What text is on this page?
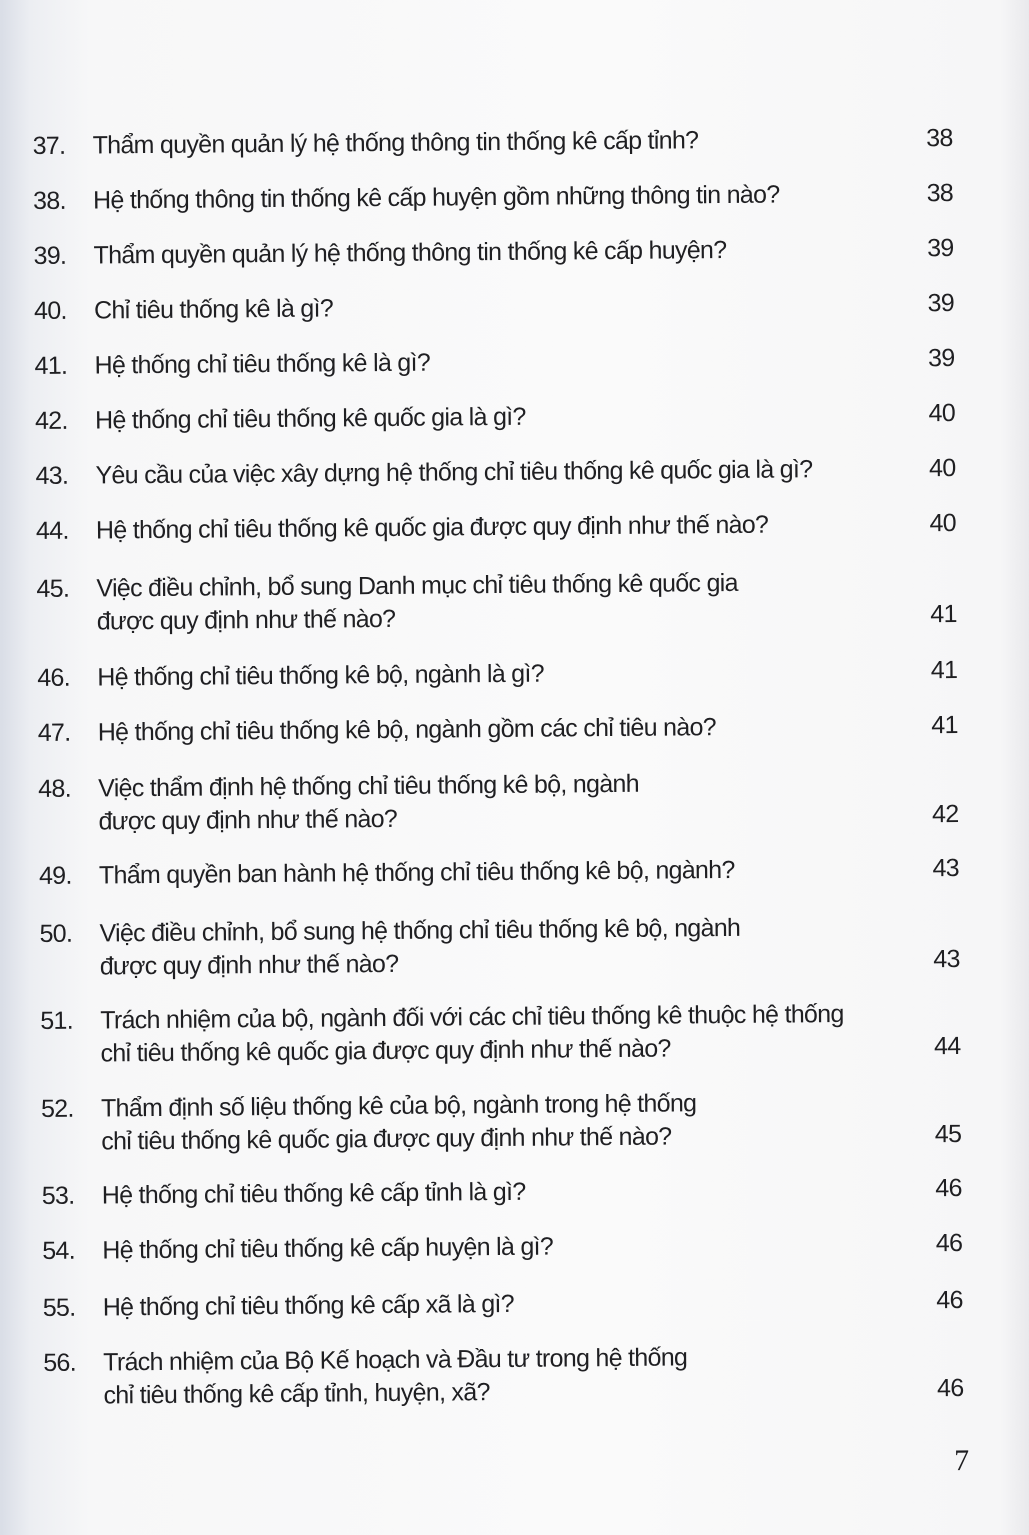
7
37. Thẩm quyền quản lý hệ thống thông tin thống kê cấp tỉnh?	38
38. Hệ thống thông tin thống kê cấp huyện gồm những thông tin nào?	38
39. Thẩm quyền quản lý hệ thống thông tin thống kê cấp huyện?	39
40. Chỉ tiêu thống kê là gì?	39
41. Hệ thống chỉ tiêu thống kê là gì?	39
42. Hệ thống chỉ tiêu thống kê quốc gia là gì?	40
43. Yêu cầu của việc xây dựng hệ thống chỉ tiêu thống kê quốc gia là gì?	40
44. Hệ thống chỉ tiêu thống kê quốc gia được quy định như thế nào?	40
45. Việc điều chỉnh, bổ sung Danh mục chỉ tiêu thống kê quốc gia
được quy định như thế nào?	41
46. Hệ thống chỉ tiêu thống kê bộ, ngành là gì?	41
47. Hệ thống chỉ tiêu thống kê bộ, ngành gồm các chỉ tiêu nào?	41
48. Việc thẩm định hệ thống chỉ tiêu thống kê bộ, ngành
được quy định như thế nào?	42
49. Thẩm quyền ban hành hệ thống chỉ tiêu thống kê bộ, ngành?	43
50. Việc điều chỉnh, bổ sung hệ thống chỉ tiêu thống kê bộ, ngành
được quy định như thế nào?	43
51. Trách nhiệm của bộ, ngành đối với các chỉ tiêu thống kê thuộc hệ thống
chỉ tiêu thống kê quốc gia được quy định như thế nào?	44
52. Thẩm định số liệu thống kê của bộ, ngành trong hệ thống
chỉ tiêu thống kê quốc gia được quy định như thế nào?	45
53. Hệ thống chỉ tiêu thống kê cấp tỉnh là gì?	46
54. Hệ thống chỉ tiêu thống kê cấp huyện là gì?	46
55. Hệ thống chỉ tiêu thống kê cấp xã là gì?	46
56. Trách nhiệm của Bộ Kế hoạch và Đầu tư trong hệ thống
chỉ tiêu thống kê cấp tỉnh, huyện, xã?	46
